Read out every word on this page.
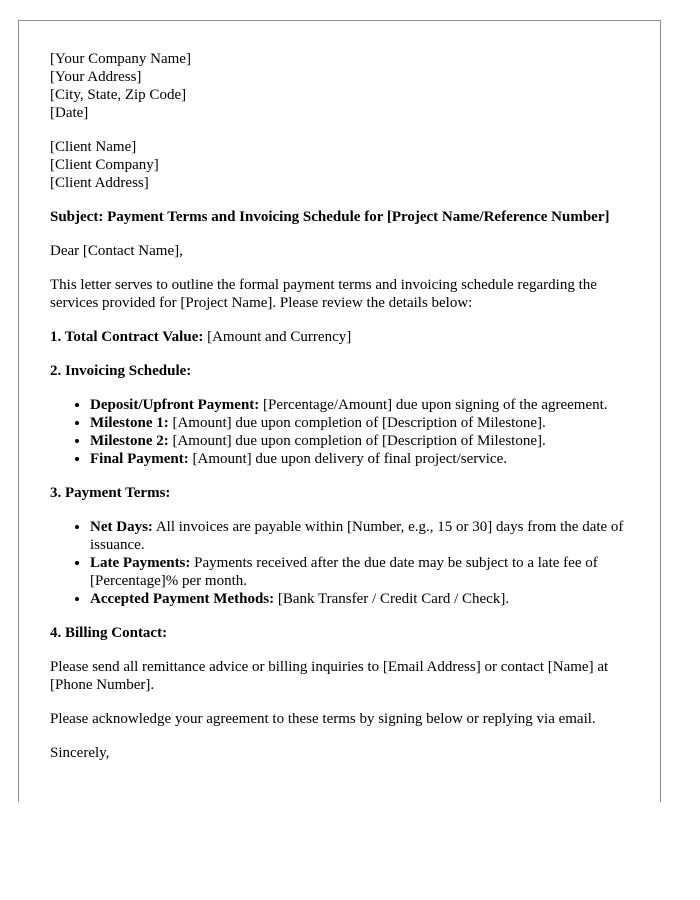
[Your Company Name]
[Your Address]
[City, State, Zip Code]
[Date]
[Client Name]
[Client Company]
[Client Address]
Subject: Payment Terms and Invoicing Schedule for [Project Name/Reference Number]
Dear [Contact Name],
This letter serves to outline the formal payment terms and invoicing schedule regarding the services provided for [Project Name]. Please review the details below:
1. Total Contract Value: [Amount and Currency]
2. Invoicing Schedule:
• Deposit/Upfront Payment: [Percentage/Amount] due upon signing of the agreement.
• Milestone 1: [Amount] due upon completion of [Description of Milestone].
• Milestone 2: [Amount] due upon completion of [Description of Milestone].
• Final Payment: [Amount] due upon delivery of final project/service.
3. Payment Terms:
• Net Days: All invoices are payable within [Number, e.g., 15 or 30] days from the date of issuance.
• Late Payments: Payments received after the due date may be subject to a late fee of [Percentage]% per month.
• Accepted Payment Methods: [Bank Transfer / Credit Card / Check].
4. Billing Contact:
Please send all remittance advice or billing inquiries to [Email Address] or contact [Name] at [Phone Number].
Please acknowledge your agreement to these terms by signing below or replying via email.
Sincerely,
